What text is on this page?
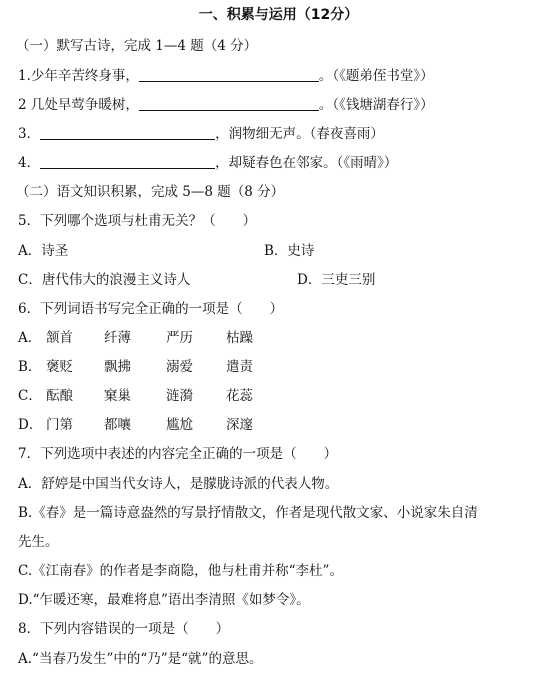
一、积累与运用（12分）
（一）默写古诗，完成 1—4 题（4 分）
1.少年辛苦终身事，	。（《题弟侄书堂》）
2 几处早莺争暖树，	。（《钱塘湖春行》）
3．	，润物细无声。（春夜喜雨）
4．	，却疑春色在邻家。（《雨晴》）
（二）语文知识积累，完成 5—8 题（8 分）
5．下列哪个选项与杜甫无关？（　　）
A．诗圣	B．史诗
C．唐代伟大的浪漫主义诗人	D．三吏三别
6．下列词语书写完全正确的一项是（　　）
A． 颔首 纤薄	严历 枯躁
B. 褒贬 飘拂	溺爱 遣责
C． 酝酿 窠巢	涟漪 花蕊
D． 门第 都嚷	尴尬 深邃
7．下列选项中表述的内容完全正确的一项是（　　）
A．舒婷是中国当代女诗人，是朦胧诗派的代表人物。
B.《春》是一篇诗意盎然的写景抒情散文，作者是现代散文家、小说家朱自清
先生。
C.《江南春》的作者是李商隐，他与杜甫并称“李杜”。
D.“乍暖还寒，最难将息”语出李清照《如梦令》。
8．下列内容错误的一项是（　　）
A.“当春乃发生”中的“乃”是“就”的意思。
